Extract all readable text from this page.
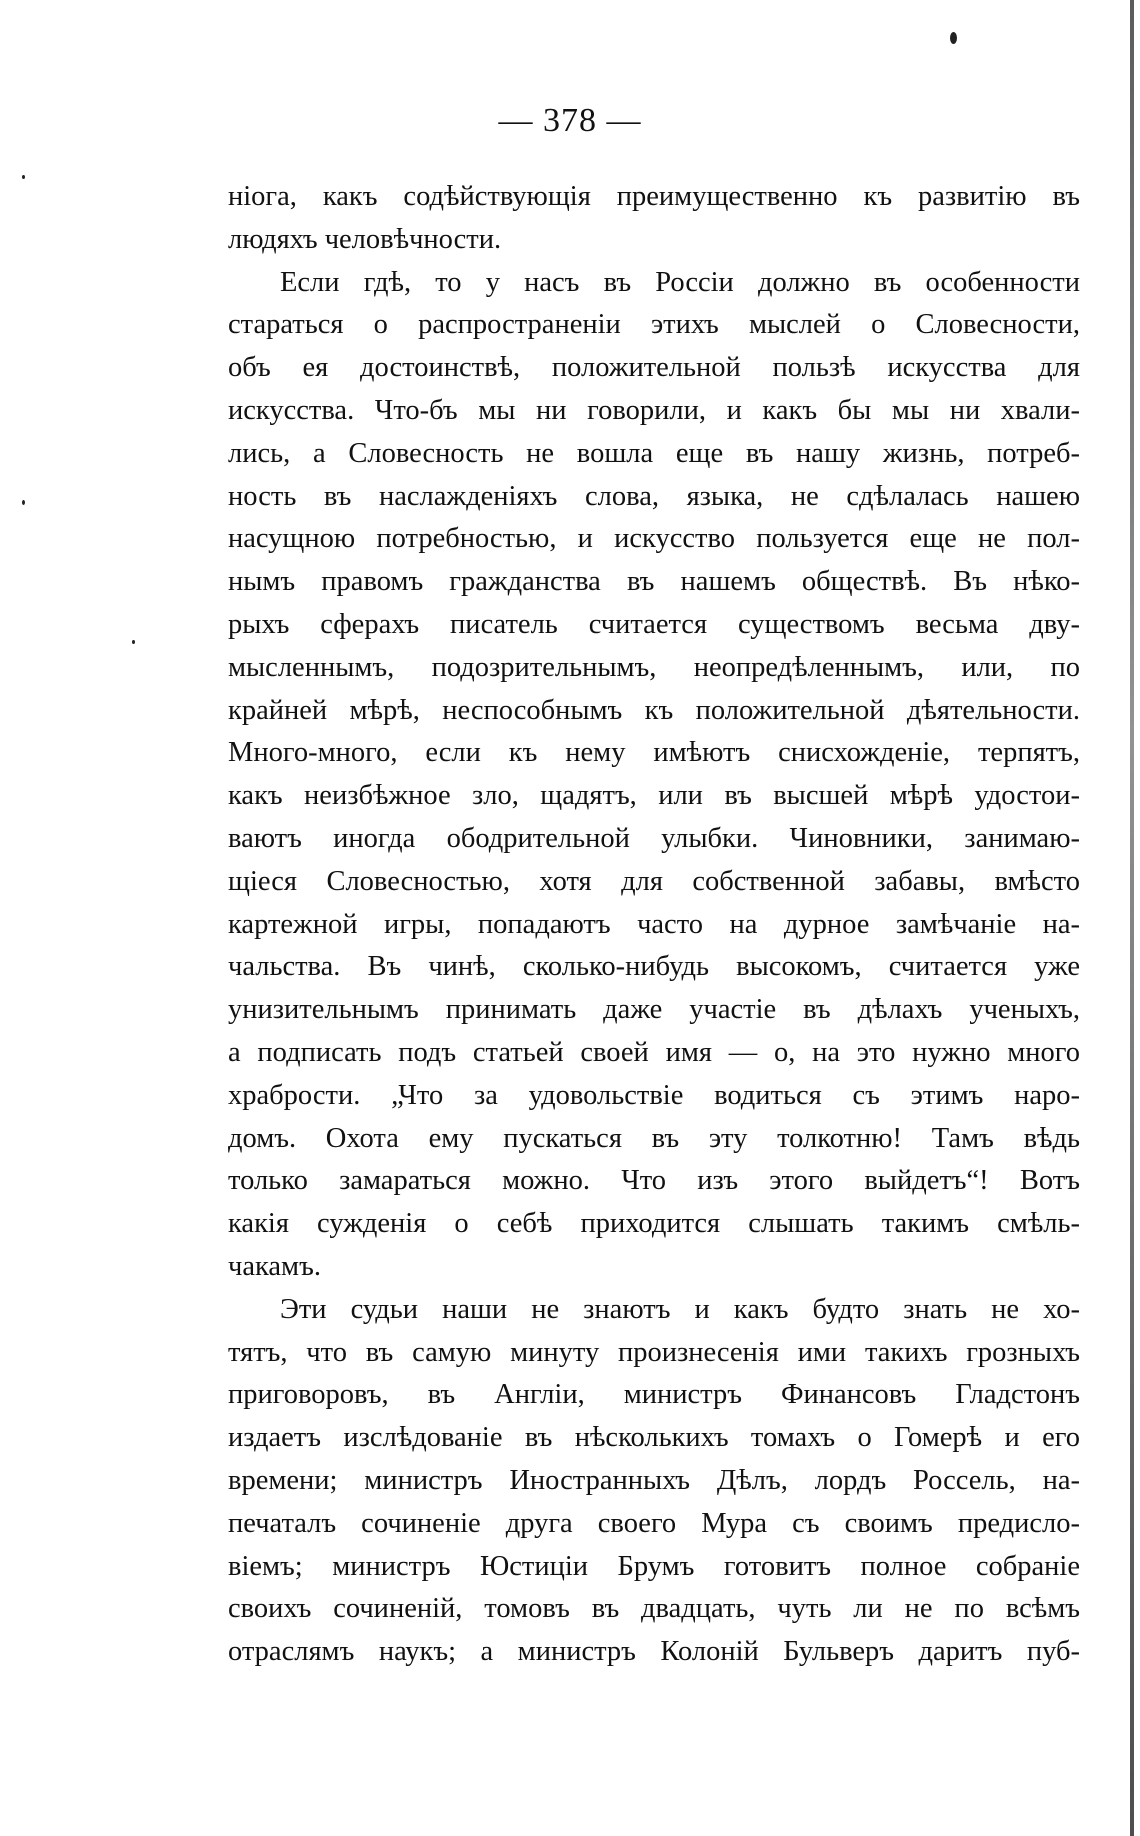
— 378 —
ніога, какъ содѣйствующія преимущественно къ развитію въ
людяхъ человѣчности.
Если гдѣ, то у насъ въ Россіи должно въ особенности
стараться о распространеніи этихъ мыслей о Словесности,
объ ея достоинствѣ, положительной пользѣ искусства для
искусства. Что-бъ мы ни говорили, и какъ бы мы ни хвали-
лись, а Словесность не вошла еще въ нашу жизнь, потреб-
ность въ наслажденіяхъ слова, языка, не сдѣлалась нашею
насущною потребностью, и искусство пользуется еще не пол-
нымъ правомъ гражданства въ нашемъ обществѣ. Въ нѣко-
рыхъ сферахъ писатель считается существомъ весьма дву-
мысленнымъ, подозрительнымъ, неопредѣленнымъ, или, по
крайней мѣрѣ, неспособнымъ къ положительной дѣятельности.
Много-много, если къ нему имѣютъ снисхожденіе, терпятъ,
какъ неизбѣжное зло, щадятъ, или въ высшей мѣрѣ удостои-
ваютъ иногда ободрительной улыбки. Чиновники, занимаю-
щіеся Словесностью, хотя для собственной забавы, вмѣсто
картежной игры, попадаютъ часто на дурное замѣчаніе на-
чальства. Въ чинѣ, сколько-нибудь высокомъ, считается уже
унизительнымъ принимать даже участіе въ дѣлахъ ученыхъ,
а подписать подъ статьей своей имя — о, на это нужно много
храбрости. „Что за удовольствіе водиться съ этимъ наро-
домъ. Охота ему пускаться въ эту толкотню! Тамъ вѣдь
только замараться можно. Что изъ этого выйдетъ“! Вотъ
какія сужденія о себѣ приходится слышать такимъ смѣль-
чакамъ.
Эти судьи наши не знаютъ и какъ будто знать не хо-
тятъ, что въ самую минуту произнесенія ими такихъ грозныхъ
приговоровъ, въ Англіи, министръ Финансовъ Гладстонъ
издаетъ изслѣдованіе въ нѣсколькихъ томахъ о Гомерѣ и его
времени; министръ Иностранныхъ Дѣлъ, лордъ Россель, на-
печаталъ сочиненіе друга своего Мура съ своимъ предисло-
віемъ; министръ Юстиціи Брумъ готовитъ полное собраніе
своихъ сочиненій, томовъ въ двадцать, чуть ли не по всѣмъ
отраслямъ наукъ; а министръ Колоній Бульверъ даритъ пуб-
